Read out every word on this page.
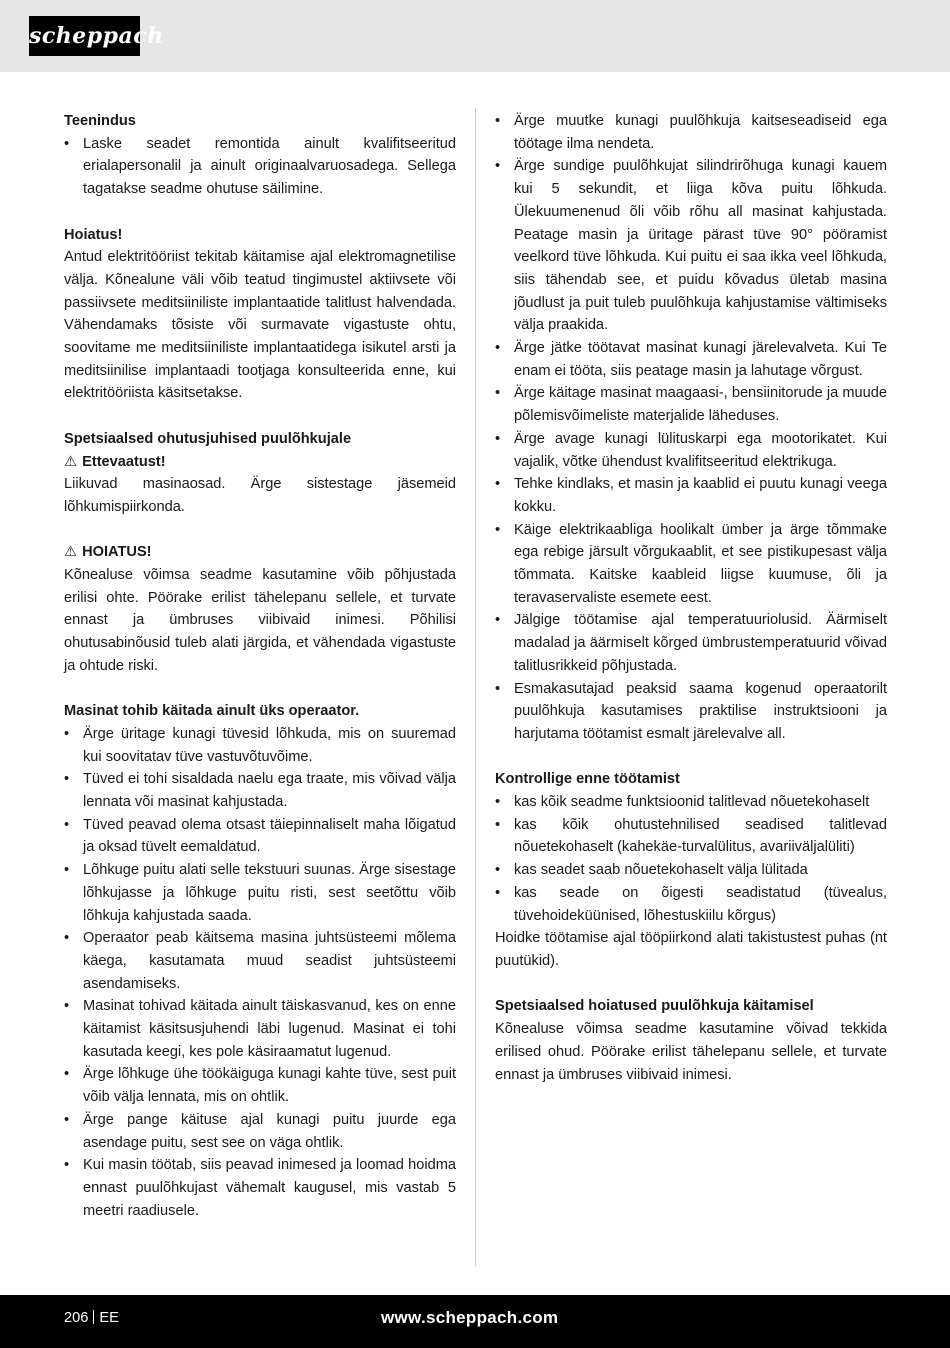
scheppach
Teenindus
• Laske seadet remontida ainult kvalifitseeritud erialapersonalil ja ainult originaalvaruosadega. Sellega tagatakse seadme ohutuse säilimine.
Hoiatus!

Antud elektritööriist tekitab käitamise ajal elektromagnetilise välja. Kõnealune väli võib teatud tingimustel aktiivsete või passiivsete meditsiiniliste implantaatide talitlust halvendada. Vähendamaks tõsiste või surmavate vigastuste ohtu, soovitame me meditsiiniliste implantaatidega isikutel arsti ja meditsiinilise implantaadi tootjaga konsulteerida enne, kui elektritööriista käsitsetakse.

Spetsiaalsed ohutusjuhised puulõhkujale
⚠ Ettevaatust!

Liikuvad masinaosad. Ärge sistestage jäsemeid lõhkumispiirkonda.

⚠ HOIATUS!

Kõnealuse võimsa seadme kasutamine võib põhjustada erilisi ohte. Pöörake erilist tähelepanu sellele, et turvate ennast ja ümbruses viibivaid inimesi. Põhilisi ohutusabinõusid tuleb alati järgida, et vähendada vigastuste ja ohtude riski.

Masinat tohib käitada ainult üks operaator.
• Ärge üritage kunagi tüvesid lõhkuda, mis on suuremad kui soovitatav tüve vastuvõtuvõime.
• Tüved ei tohi sisaldada naelu ega traate, mis võivad välja lennata või masinat kahjustada.
• Tüved peavad olema otsast täiepinnaliselt maha lõigatud ja oksad tüvelt eemaldatud.
• Lõhkuge puitu alati selle tekstuuri suunas. Ärge sisestage lõhkujasse ja lõhkuge puitu risti, sest seetõttu võib lõhkuja kahjustada saada.
• Operaator peab käitsema masina juhtsüsteemi mõlema käega, kasutamata muud seadist juhtsüsteemi asendamiseks.
• Masinat tohivad käitada ainult täiskasvanud, kes on enne käitamist käsitsusjuhendi läbi lugenud. Masinat ei tohi kasutada keegi, kes pole käsiraamatut lugenud.
• Ärge lõhkuge ühe töökäiguga kunagi kahte tüve, sest puit võib välja lennata, mis on ohtlik.
• Ärge pange käituse ajal kunagi puitu juurde ega asendage puitu, sest see on väga ohtlik.
• Kui masin töötab, siis peavad inimesed ja loomad hoidma ennast puulõhkujast vähemalt kaugusel, mis vastab 5 meetri raadiusele.
• Ärge muutke kunagi puulõhkuja kaitseseadiseid ega töötage ilma nendeta.
• Ärge sundige puulõhkujat silindrirõhuga kunagi kauem kui 5 sekundit, et liiga kõva puitu lõhkuda. Ülekuumenenud õli võib rõhu all masinat kahjustada. Peatage masin ja üritage pärast tüve 90° pööramist veelkord tüve lõhkuda. Kui puitu ei saa ikka veel lõhkuda, siis tähendab see, et puidu kõvadus ületab masina jõudlust ja puit tuleb puulõhkuja kahjustamise vältimiseks välja praakida.
• Ärge jätke töötavat masinat kunagi järelevalveta. Kui Te enam ei tööta, siis peatage masin ja lahutage võrgust.
• Ärge käitage masinat maagaasi-, bensiinitorude ja muude põlemisvõimeliste materjalide läheduses.
• Ärge avage kunagi lülituskarpi ega mootorikatet. Kui vajalik, võtke ühendust kvalifitseeritud elektrikuga.
• Tehke kindlaks, et masin ja kaablid ei puutu kunagi veega kokku.
• Käige elektrikaabliga hoolikalt ümber ja ärge tõmmake ega rebige järsult võrgukaablit, et see pistikupesast välja tõmmata. Kaitske kaableid liigse kuumuse, õli ja teravaservaliste esemete eest.
• Jälgige töötamise ajal temperatuuriolusid. Äärmiselt madalad ja äärmiselt kõrged ümbrustemperatuurid võivad talitlusrikkeid põhjustada.
• Esmakasutajad peaksid saama kogenud operaatorilt puulõhkuja kasutamises praktilise instruktsiooni ja harjutama töötamist esmalt järelevalve all.
Kontrollige enne töötamist
• kas kõik seadme funktsioonid talitlevad nõuetekohaselt
• kas kõik ohutustehnilised seadised talitlevad nõuetekohaselt (kahekäe-turvalülitus, avariiväljalüliti)
• kas seadet saab nõuetekohaselt välja lülitada
• kas seade on õigesti seadistatud (tüvealus, tüvehoideküünised, lõhestuskiilu kõrgus)

Hoidke töötamise ajal tööpiirkond alati takistustest puhas (nt puutükid).

Spetsiaalsed hoiatused puulõhkuja käitamisel

Kõnealuse võimsa seadme kasutamine võivad tekkida erilised ohud. Pöörake erilist tähelepanu sellele, et turvate ennast ja ümbruses viibivaid inimesi.

206 EE	www.scheppach.com
